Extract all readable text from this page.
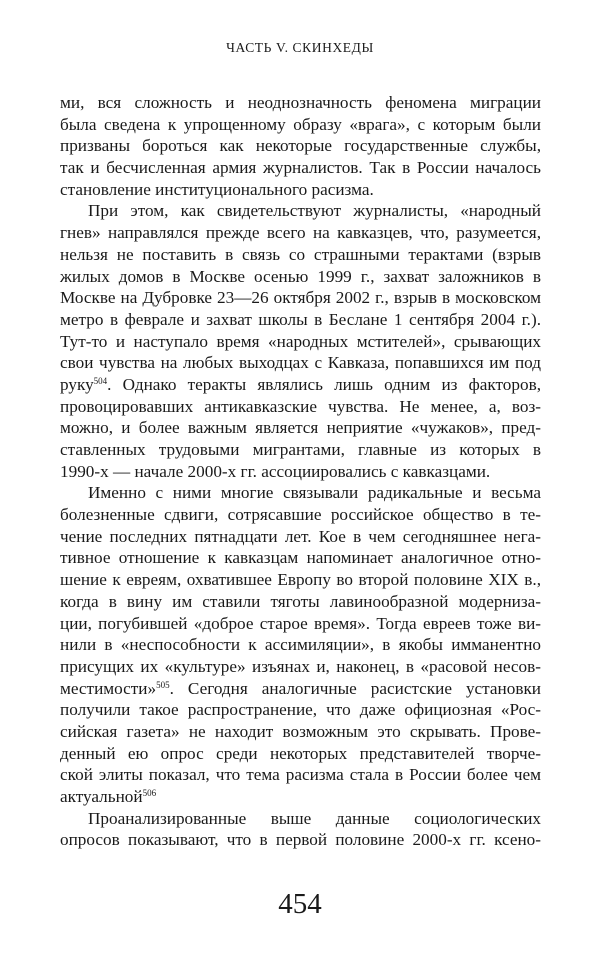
ЧАСТЬ V. СКИНХЕДЫ
ми, вся сложность и неоднозначность феномена миграции
была сведена к упрощенному образу «врага», с которым были
призваны бороться как некоторые государственные службы,
так и бесчисленная армия журналистов. Так в России началось
становление институционального расизма.
При этом, как свидетельствуют журналисты, «народный
гнев» направлялся прежде всего на кавказцев, что, разумеется,
нельзя не поставить в связь со страшными терактами (взрыв
жилых домов в Москве осенью 1999 г., захват заложников в
Москве на Дубровке 23—26 октября 2002 г., взрыв в московском
метро в феврале и захват школы в Беслане 1 сентября 2004 г.).
Тут-то и наступало время «народных мстителей», срывающих
свои чувства на любых выходцах с Кавказа, попавшихся им под
руку$^{504}$. Однако теракты являлись лишь одним из факторов,
провоцировавших антикавказские чувства. Не менее, а, воз-
можно, и более важным является неприятие «чужаков», пред-
ставленных трудовыми мигрантами, главные из которых в
1990-х — начале 2000-х гг. ассоциировались с кавказцами.
Именно с ними многие связывали радикальные и весьма
болезненные сдвиги, сотрясавшие российское общество в те-
чение последних пятнадцати лет. Кое в чем сегодняшнее нега-
тивное отношение к кавказцам напоминает аналогичное отно-
шение к евреям, охватившее Европу во второй половине XIX в.,
когда в вину им ставили тяготы лавинообразной модерниза-
ции, погубившей «доброе старое время». Тогда евреев тоже ви-
нили в «неспособности к ассимиляции», в якобы имманентно
присущих их «культуре» изъянах и, наконец, в «расовой несов-
местимости»$^{505}$. Сегодня аналогичные расистские установки
получили такое распространение, что даже официозная «Рос-
сийская газета» не находит возможным это скрывать. Прове-
денный ею опрос среди некоторых представителей творче-
ской элиты показал, что тема расизма стала в России более чем
актуальной$^{506}$
Проанализированные выше данные социологических
опросов показывают, что в первой половине 2000-х гг. ксено-
454
